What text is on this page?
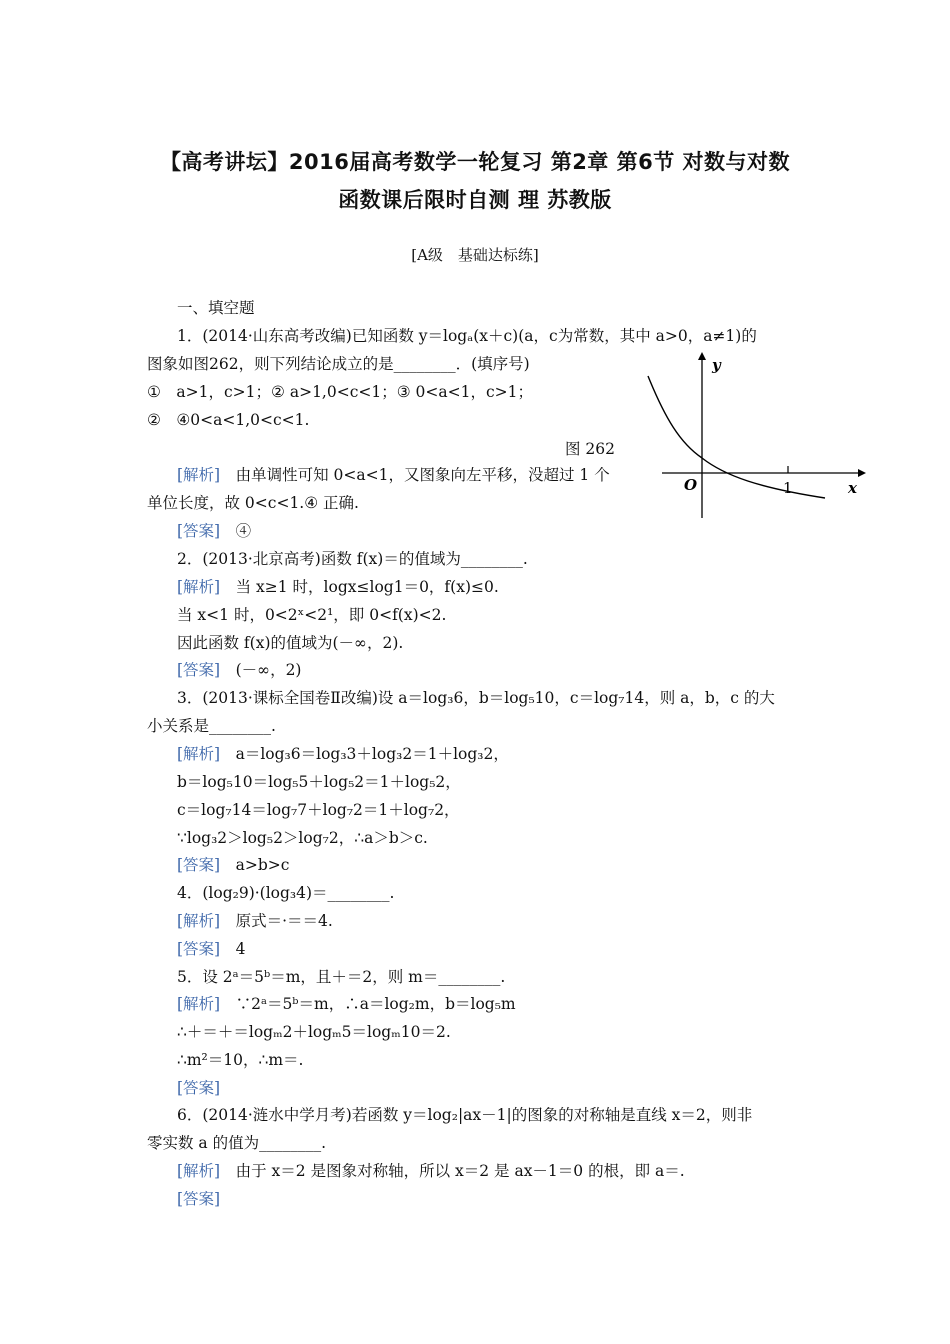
【高考讲坛】2016届高考数学一轮复习 第2章 第6节 对数与对数
函数课后限时自测 理 苏教版
[A级　基础达标练]
一、填空题
1．(2014·山东高考改编)已知函数 y＝logₐ(x＋c)(a，c为常数，其中 a>0，a≠1)的
图象如图262，则下列结论成立的是________．(填序号)
①　a>1，c>1；② a>1,0<c<1；③ 0<a<1，c>1；
②　④0<a<1,0<c<1.
[解析]　由单调性可知 0<a<1，又图象向左平移，没超过 1 个
单位长度，故 0<c<1.④ 正确.
[答案]　④
2．(2013·北京高考)函数 f(x)＝的值域为________.
[解析]　当 x≥1 时，logx≤log1＝0，f(x)≤0.
当 x<1 时，0<2ˣ<2¹，即 0<f(x)<2.
因此函数 f(x)的值域为(－∞，2).
[答案]　(－∞，2)
3．(2013·课标全国卷Ⅱ改编)设 a＝log₃6，b＝log₅10，c＝log₇14，则 a，b，c 的大
小关系是________.
[解析]　a＝log₃6＝log₃3＋log₃2＝1＋log₃2，
b＝log₅10＝log₅5＋log₅2＝1＋log₅2，
c＝log₇14＝log₇7＋log₇2＝1＋log₇2，
∵log₃2＞log₅2＞log₇2，∴a＞b＞c.
[答案]　a>b>c
4．(log₂9)·(log₃4)＝________.
[解析]　原式＝·＝＝4.
[答案]　4
5．设 2ᵃ＝5ᵇ＝m，且＋＝2，则 m＝________.
[解析]　∵2ᵃ＝5ᵇ＝m，∴a＝log₂m，b＝log₅m
∴＋＝＋＝logₘ2＋logₘ5＝logₘ10＝2.
∴m²＝10，∴m＝.
[答案]
6．(2014·涟水中学月考)若函数 y＝log₂|ax－1|的图象的对称轴是直线 x＝2，则非
零实数 a 的值为________.
[解析]　由于 x＝2 是图象对称轴，所以 x＝2 是 ax－1＝0 的根，即 a＝.
[答案]
图 262
y
x
O	1
